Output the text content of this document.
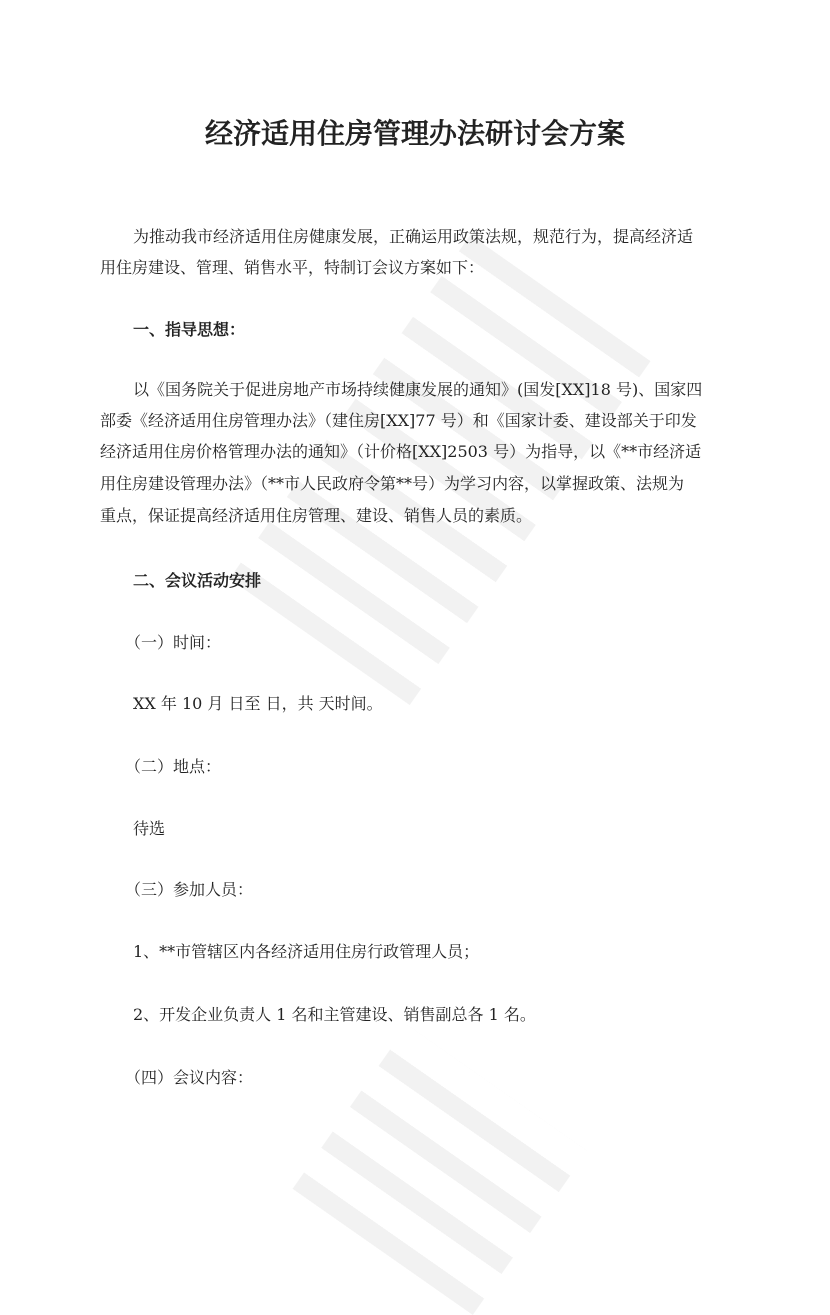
经济适用住房管理办法研讨会方案
为推动我市经济适用住房健康发展，正确运用政策法规，规范行为，提高经济适
用住房建设、管理、销售水平，特制订会议方案如下：
一、指导思想：
以《国务院关于促进房地产市场持续健康发展的通知》(国发[XX]18 号)、国家四
部委《经济适用住房管理办法》（建住房[XX]77 号）和《国家计委、建设部关于印发
经济适用住房价格管理办法的通知》（计价格[XX]2503 号）为指导，以《**市经济适
用住房建设管理办法》（**市人民政府令第**号）为学习内容，以掌握政策、法规为
重点，保证提高经济适用住房管理、建设、销售人员的素质。
二、会议活动安排
（一）时间：
XX 年 10 月 日至 日，共 天时间。
（二）地点：
待选
（三）参加人员：
1、**市管辖区内各经济适用住房行政管理人员；
2、开发企业负责人 1 名和主管建设、销售副总各 1 名。
（四）会议内容：
